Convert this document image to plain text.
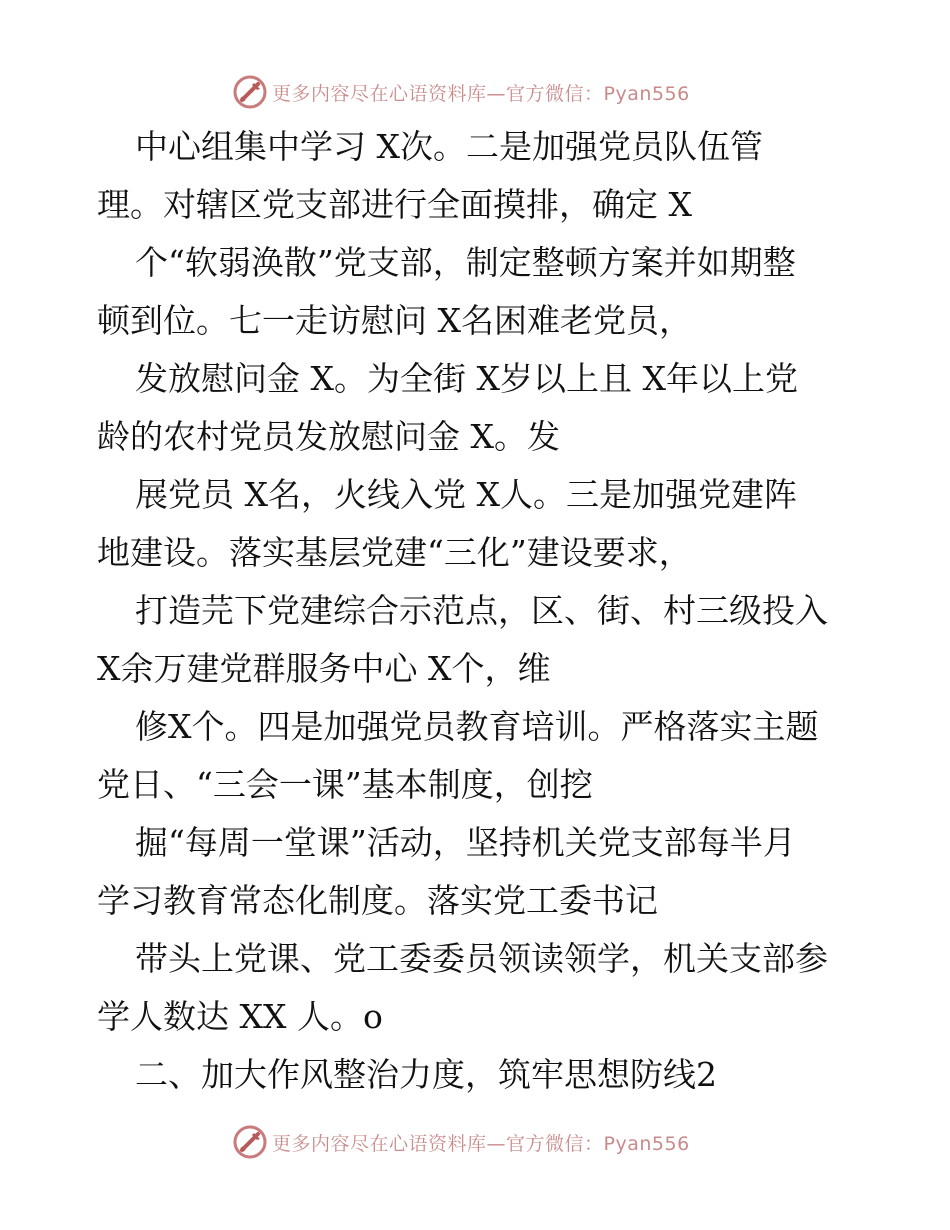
更多内容尽在心语资料库—官方微信：Pyan556
中心组集中学习 X次。二是加强党员队伍管
理。对辖区党支部进行全面摸排，确定 X
个“软弱涣散”党支部，制定整顿方案并如期整
顿到位。七一走访慰问 X名困难老党员，
发放慰问金 X。为全街 X岁以上且 X年以上党
龄的农村党员发放慰问金 X。发
展党员 X名，火线入党 X人。三是加强党建阵
地建设。落实基层党建“三化”建设要求，
打造芫下党建综合示范点，区、街、村三级投入
X余万建党群服务中心 X个，维
修X个。四是加强党员教育培训。严格落实主题
党日、“三会一课”基本制度，创挖
掘“每周一堂课”活动，坚持机关党支部每半月
学习教育常态化制度。落实党工委书记
带头上党课、党工委委员领读领学，机关支部参
学人数达 XX 人。o
二、加大作风整治力度，筑牢思想防线2
更多内容尽在心语资料库—官方微信：Pyan556
